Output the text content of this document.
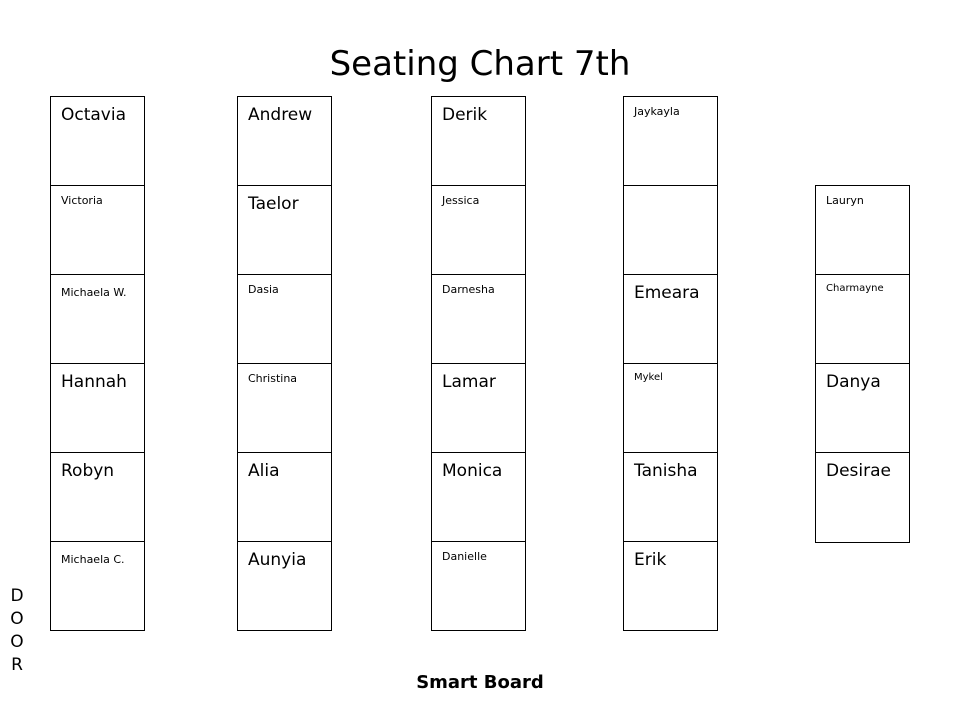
Seating Chart 7th
Octavia
Victoria
Michaela W.
Hannah
Robyn
Michaela C.
Andrew
Taelor
Dasia
Christina
Alia
Aunyia
Derik
Jessica
Darnesha
Lamar
Monica
Danielle
Jaykayla
Emeara
Mykel
Tanisha
Erik
Lauryn
Charmayne
Danya
Desirae
D
O
O
R
Smart Board
